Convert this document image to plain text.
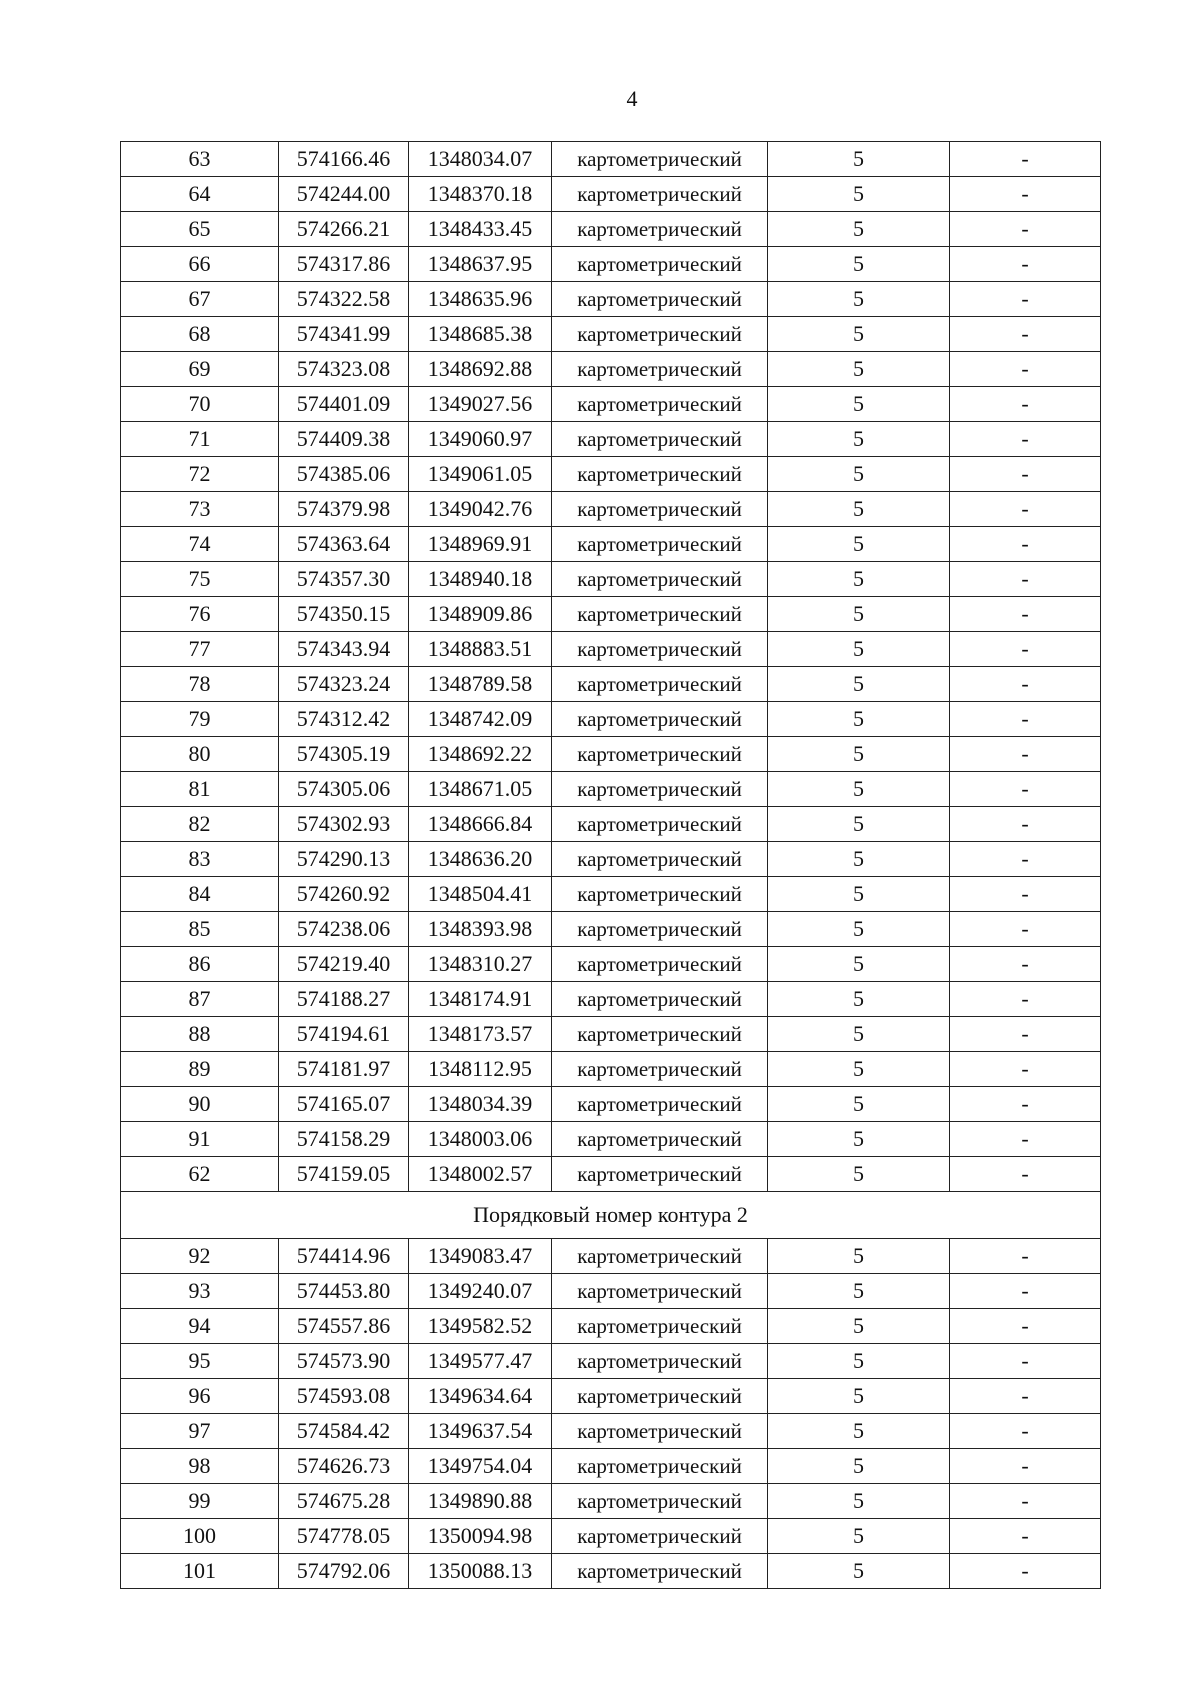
4
63	574166.46	1348034.07	картометрический	5	-
64	574244.00	1348370.18	картометрический	5	-
65	574266.21	1348433.45	картометрический	5	-
66	574317.86	1348637.95	картометрический	5	-
67	574322.58	1348635.96	картометрический	5	-
68	574341.99	1348685.38	картометрический	5	-
69	574323.08	1348692.88	картометрический	5	-
70	574401.09	1349027.56	картометрический	5	-
71	574409.38	1349060.97	картометрический	5	-
72	574385.06	1349061.05	картометрический	5	-
73	574379.98	1349042.76	картометрический	5	-
74	574363.64	1348969.91	картометрический	5	-
75	574357.30	1348940.18	картометрический	5	-
76	574350.15	1348909.86	картометрический	5	-
77	574343.94	1348883.51	картометрический	5	-
78	574323.24	1348789.58	картометрический	5	-
79	574312.42	1348742.09	картометрический	5	-
80	574305.19	1348692.22	картометрический	5	-
81	574305.06	1348671.05	картометрический	5	-
82	574302.93	1348666.84	картометрический	5	-
83	574290.13	1348636.20	картометрический	5	-
84	574260.92	1348504.41	картометрический	5	-
85	574238.06	1348393.98	картометрический	5	-
86	574219.40	1348310.27	картометрический	5	-
87	574188.27	1348174.91	картометрический	5	-
88	574194.61	1348173.57	картометрический	5	-
89	574181.97	1348112.95	картометрический	5	-
90	574165.07	1348034.39	картометрический	5	-
91	574158.29	1348003.06	картометрический	5	-
62	574159.05	1348002.57	картометрический	5	-
Порядковый номер контура 2					
92	574414.96	1349083.47	картометрический	5	-
93	574453.80	1349240.07	картометрический	5	-
94	574557.86	1349582.52	картометрический	5	-
95	574573.90	1349577.47	картометрический	5	-
96	574593.08	1349634.64	картометрический	5	-
97	574584.42	1349637.54	картометрический	5	-
98	574626.73	1349754.04	картометрический	5	-
99	574675.28	1349890.88	картометрический	5	-
100	574778.05	1350094.98	картометрический	5	-
101	574792.06	1350088.13	картометрический	5	-
